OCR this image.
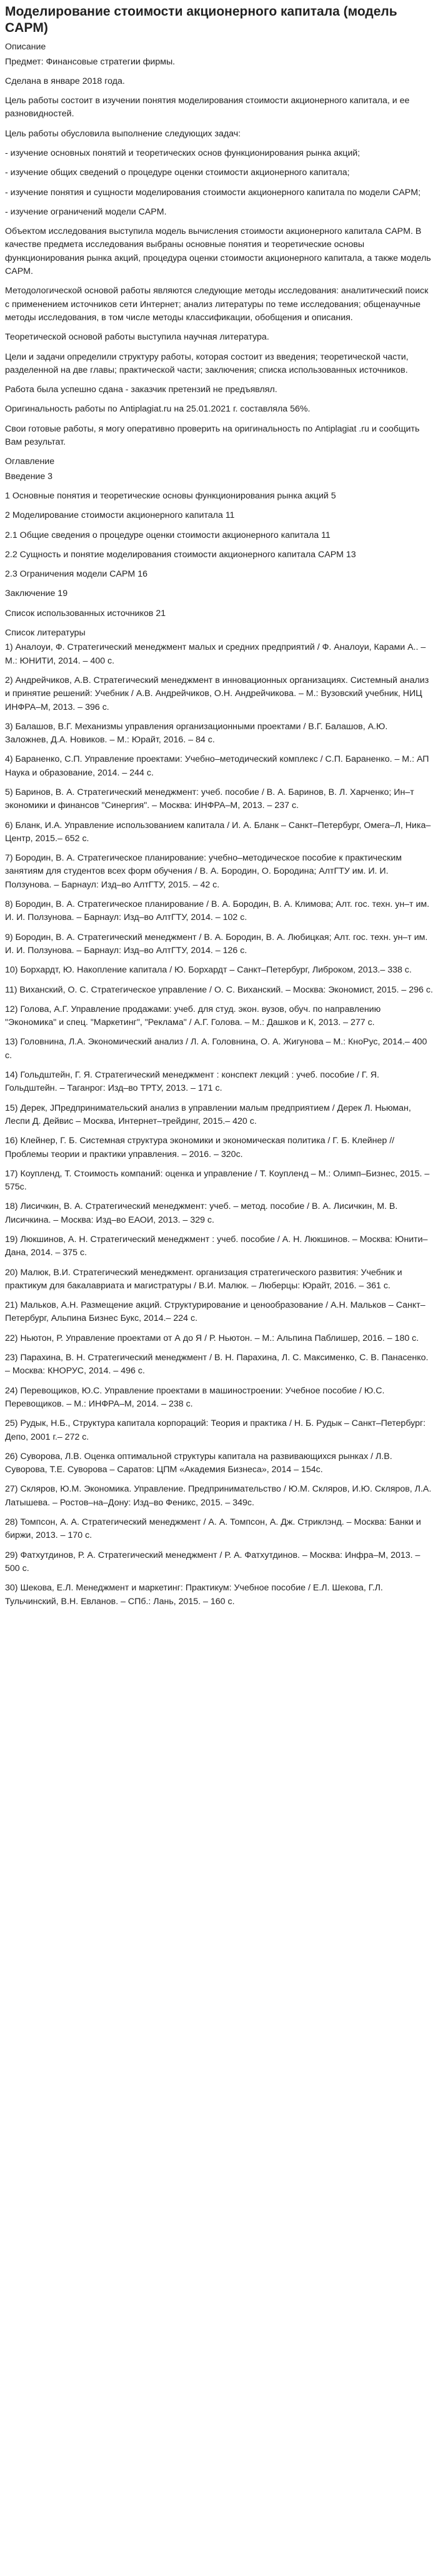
Моделирование стоимости акционерного капитала (модель CAPM)
Описание
Предмет: Финансовые стратегии фирмы.
Сделана в январе 2018 года.
Цель работы состоит в изучении понятия моделирования стоимости акционерного капитала, и ее разновидностей.
Цель работы обусловила выполнение следующих задач:
- изучение основных понятий и теоретических основ функционирования рынка акций;
- изучение общих сведений о процедуре оценки стоимости акционерного капитала;
- изучение понятия и сущности моделирования стоимости акционерного капитала по модели CAPM;
- изучение ограничений модели CAPM.
Объектом исследования выступила модель вычисления стоимости акционерного капитала CAPM. В качестве предмета исследования выбраны основные понятия и теоретические основы функционирования рынка акций, процедура оценки стоимости акционерного капитала, а также модель CAPM.
Методологической основой работы являются следующие методы исследования: аналитический поиск с применением источников сети Интернет; анализ литературы по теме исследования; общенаучные методы исследования, в том числе методы классификации, обобщения и описания.
Теоретической основой работы выступила научная литература.
Цели и задачи определили структуру работы, которая состоит из введения; теоретической части, разделенной на две главы; практической части; заключения; списка использованных источников.
Работа была успешно сдана - заказчик претензий не предъявлял.
Оригинальность работы по Antiplagiat.ru на 25.01.2021 г. составляла 56%.
Свои готовые работы, я могу оперативно проверить на оригинальность по Antiplagiat .ru и сообщить Вам результат.
Оглавление
Введение 3
1 Основные понятия и теоретические основы функционирования рынка акций 5
2 Моделирование стоимости акционерного капитала 11
2.1 Общие сведения о процедуре оценки стоимости акционерного капитала 11
2.2 Сущность и понятие моделирования стоимости акционерного капитала CAPM 13
2.3 Ограничения модели CAPM 16
Заключение 19
Список использованных источников 21
Список литературы
1) Аналоуи, Ф. Стратегический менеджмент малых и средних предприятий / Ф. Аналоуи, Карами А.. – М.: ЮНИТИ, 2014. – 400 с.
2) Андрейчиков, А.В. Стратегический менеджмент в инновационных организациях. Системный анализ и принятие решений: Учебник / А.В. Андрейчиков, О.Н. Андрейчикова. – М.: Вузовский учебник, НИЦ ИНФРА–М, 2013. – 396 с.
3) Балашов, В.Г. Механизмы управления организационными проектами / В.Г. Балашов, А.Ю. Заложнев, Д.А. Новиков. – М.: Юрайт, 2016. – 84 с.
4) Бараненко, С.П. Управление проектами: Учебно–методический комплекс / С.П. Бараненко. – М.: АП Наука и образование, 2014. – 244 с.
5) Баринов, В. А. Стратегический менеджмент: учеб. пособие / В. А. Баринов, В. Л. Харченко; Ин–т экономики и финансов "Синергия". – Москва: ИНФРА–М, 2013. – 237 с.
6) Бланк, И.А. Управление использованием капитала / И. А. Бланк – Санкт–Петербург, Омега–Л, Ника–Центр, 2015.– 652 с.
7) Бородин, В. А. Стратегическое планирование: учебно–методическое пособие к практическим занятиям для студентов всех форм обучения / В. А. Бородин, О. Бородина; АлтГТУ им. И. И. Ползунова. – Барнаул: Изд–во АлтГТУ, 2015. – 42 с.
8) Бородин, В. А. Стратегическое планирование / В. А. Бородин, В. А. Климова; Алт. гос. техн. ун–т им. И. И. Ползунова. – Барнаул: Изд–во АлтГТУ, 2014. – 102 с.
9) Бородин, В. А. Стратегический менеджмент / В. А. Бородин, В. А. Любицкая; Алт. гос. техн. ун–т им. И. И. Ползунова. – Барнаул: Изд–во АлтГТУ, 2014. – 126 с.
10) Борхардт, Ю. Накопление капитала / Ю. Борхардт – Санкт–Петербург, Либроком, 2013.– 338 с.
11) Виханский, О. С. Стратегическое управление / О. С. Виханский. – Москва: Экономист, 2015. – 296 с.
12) Голова, А.Г. Управление продажами: учеб. для студ. экон. вузов, обуч. по направлению "Экономика" и спец. "Маркетинг", "Реклама" / А.Г. Голова. – М.: Дашков и К, 2013. – 277 с.
13) Головнина, Л.А. Экономический анализ / Л. А. Головнина, О. А. Жигунова – М.: КноРус, 2014.– 400 с.
14) Гольдштейн, Г. Я. Стратегический менеджмент : конспект лекций : учеб. пособие / Г. Я. Гольдштейн. – Таганрог: Изд–во ТРТУ, 2013. – 171 с.
15) Дерек, JПредпринимательский анализ в управлении малым предприятием / Дерек Л. Ньюман, Леспи Д. Дейвис – Москва, Интернет–трейдинг, 2015.– 420 с.
16) Клейнер, Г. Б. Системная структура экономики и экономическая политика / Г. Б. Клейнер // Проблемы теории и практики управления. – 2016. – 320с.
17) Коупленд, Т. Стоимость компаний: оценка и управление / Т. Коупленд – М.: Олимп–Бизнес, 2015. – 575с.
18) Лисичкин, В. А. Стратегический менеджмент: учеб. – метод. пособие / В. А. Лисичкин, М. В. Лисичкина. – Москва: Изд–во ЕАОИ, 2013. – 329 с.
19) Люкшинов, А. Н. Стратегический менеджмент : учеб. пособие / А. Н. Люкшинов. – Москва: Юнити–Дана, 2014. – 375 с.
20) Малюк, В.И. Стратегический менеджмент. организация стратегического развития: Учебник и практикум для бакалавриата и магистратуры / В.И. Малюк. – Люберцы: Юрайт, 2016. – 361 c.
21) Мальков, А.Н. Размещение акций. Структурирование и ценообразование / А.Н. Мальков – Санкт–Петербург, Альпина Бизнес Букс, 2014.– 224 с.
22) Ньютон, Р. Управление проектами от А до Я / Р. Ньютон. – М.: Альпина Паблишер, 2016. – 180 c.
23) Парахина, В. Н. Стратегический менеджмент / В. Н. Парахина, Л. С. Максименко, С. В. Панасенко. – Москва: КНОРУС, 2014. – 496 с.
24) Перевощиков, Ю.С. Управление проектами в машиностроении: Учебное пособие / Ю.С. Перевощиков. – М.: ИНФРА–М, 2014. – 238 c.
25) Рудык, Н.Б., Структура капитала корпораций: Теория и практика / Н. Б. Рудык – Санкт–Петербург: Депо, 2001 г.– 272 с.
26) Суворова, Л.В. Оценка оптимальной структуры капитала на развивающихся рынках / Л.В. Суворова, Т.Е. Суворова – Саратов: ЦПМ «Академия Бизнеса», 2014 – 154с.
27) Скляров, Ю.М. Экономика. Управление. Предпринимательство / Ю.М. Скляров, И.Ю. Скляров, Л.А. Латышева. – Ростов–на–Дону: Изд–во Феникс, 2015. – 349с.
28) Томпсон, А. А. Стратегический менеджмент / А. А. Томпсон, А. Дж. Стриклэнд. – Москва: Банки и биржи, 2013. – 170 с.
29) Фатхутдинов, Р. А. Стратегический менеджмент / Р. А. Фатхутдинов. – Москва: Инфра–М, 2013. – 500 с.
30) Шекова, Е.Л. Менеджмент и маркетинг: Практикум: Учебное пособие / Е.Л. Шекова, Г.Л. Тульчинский, В.Н. Евланов. – СПб.: Лань, 2015. – 160 c.
